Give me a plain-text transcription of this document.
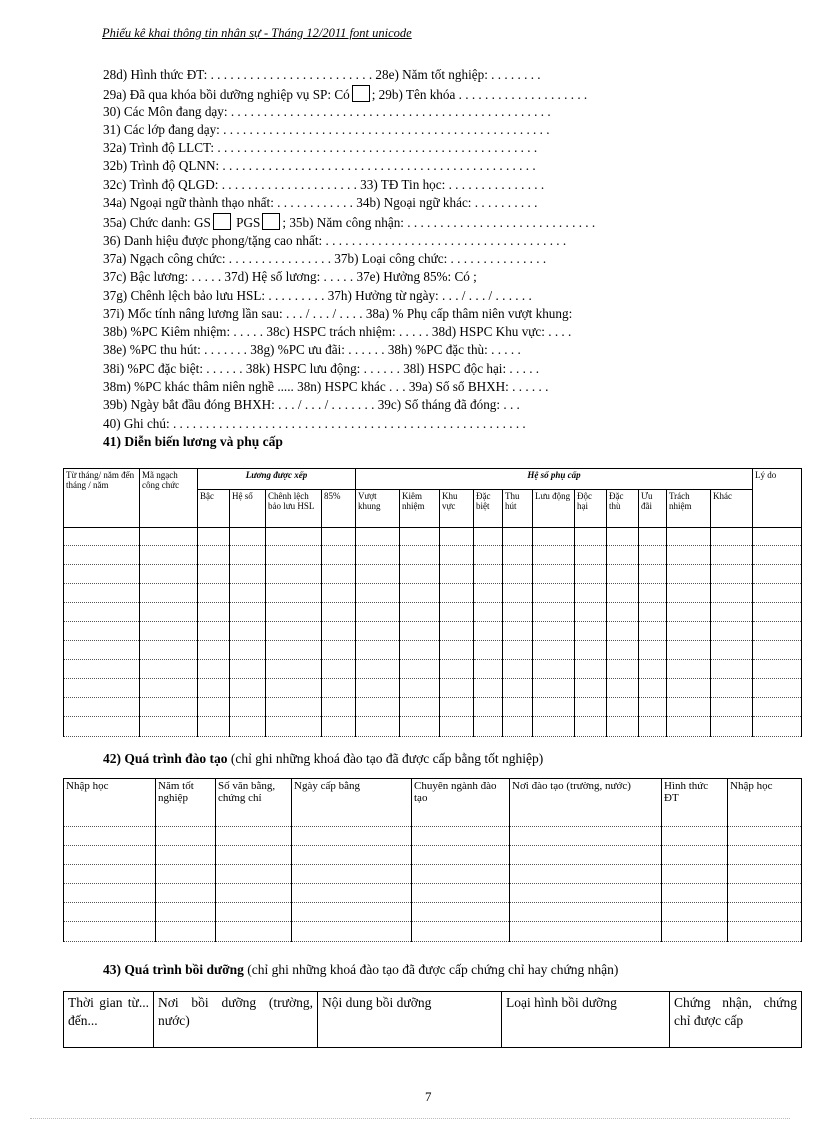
Phiếu kê khai thông tin nhân sự - Tháng 12/2011 font unicode
28d) Hình thức ĐT: . . . . . . . . . . . . . . . . . . . . . . . . . 28e) Năm tốt nghiệp: . . . . . . . .
29a) Đã qua khóa bồi dưỡng nghiệp vụ SP: Có ; 29b) Tên khóa . . . . . . . . . . . . . . . . . . . .
30) Các Môn đang dạy: . . . . . . . . . . . . . . . . . . . . . . . . . . . . . . . . . . . . . . . . . . . . . . . . .
31) Các lớp đang dạy: . . . . . . . . . . . . . . . . . . . . . . . . . . . . . . . . . . . . . . . . . . . . . . . . . .
32a) Trình độ LLCT: . . . . . . . . . . . . . . . . . . . . . . . . . . . . . . . . . . . . . . . . . . . . . . . . .
32b) Trình độ QLNN: . . . . . . . . . . . . . . . . . . . . . . . . . . . . . . . . . . . . . . . . . . . . . . . .
32c) Trình độ QLGD: . . . . . . . . . . . . . . . . . . . . . 33) TĐ Tin học: . . . . . . . . . . . . . . .
34a) Ngoại ngữ thành thạo nhất: . . . . . . . . . . . . 34b) Ngoại ngữ khác: . . . . . . . . . .
35a) Chức danh: GS PGS ; 35b) Năm công nhận: . . . . . . . . . . . . . . . . . . . . . . . . . . . . .
36) Danh hiệu được phong/tặng cao nhất: . . . . . . . . . . . . . . . . . . . . . . . . . . . . . . . . . . . . .
37a) Ngạch công chức: . . . . . . . . . . . . . . . . 37b) Loại công chức: . . . . . . . . . . . . . . .
37c) Bậc lương: . . . . . 37d) Hệ số lương: . . . . . 37e) Hưởng 85%: Có ;
37g) Chênh lệch bảo lưu HSL: . . . . . . . . . 37h) Hưởng từ ngày: . . . / . . . / . . . . . .
37i) Mốc tính nâng lương lần sau: . . . / . . . / . . . . 38a) % Phụ cấp thâm niên vượt khung:
38b) %PC Kiêm nhiệm: . . . . . 38c) HSPC trách nhiệm: . . . . . 38d) HSPC Khu vực: . . . .
38e) %PC thu hút: . . . . . . . 38g) %PC ưu đãi: . . . . . . 38h) %PC đặc thù: . . . . .
38i) %PC đặc biệt: . . . . . . 38k) HSPC lưu động: . . . . . . 38l) HSPC độc hại: . . . . .
38m) %PC khác thâm niên nghề ..... 38n) HSPC khác . . . 39a) Số sổ BHXH: . . . . . .
39b) Ngày bắt đầu đóng BHXH: . . . / . . . / . . . . . . . 39c) Số tháng đã đóng: . . .
40) Ghi chú: . . . . . . . . . . . . . . . . . . . . . . . . . . . . . . . . . . . . . . . . . . . . . . . . . . . . . .
41) Diễn biến lương và phụ cấp
Từ tháng/ năm đến tháng / năm	Mã ngạch công chức	Lương được xếp				Hệ số phụ cấp											Lý do
		Bậc	Hệ số	Chênh lệch bảo lưu HSL	85%	Vượt khung	Kiêm nhiệm	Khu vực	Đặc biệt	Thu hút	Lưu động	Độc hại	Đặc thù	Ưu đãi	Trách nhiệm	Khác	

42) Quá trình đào tạo (chỉ ghi những khoá đào tạo đã được cấp bằng tốt nghiệp)
Nhập học	Năm tốt nghiệp	Số văn bằng, chứng chỉ	Ngày cấp bằng	Chuyên ngành đào tạo	Nơi đào tạo (trường, nước)	Hình thức ĐT	Nhập học

43) Quá trình bồi dưỡng (chỉ ghi những khoá đào tạo đã được cấp chứng chỉ hay chứng nhận)
Thời gian từ... đến...	Nơi bồi dưỡng (trường, nước)	Nội dung bồi dưỡng	Loại hình bồi dưỡng	Chứng nhận, chứng chỉ được cấp
7
